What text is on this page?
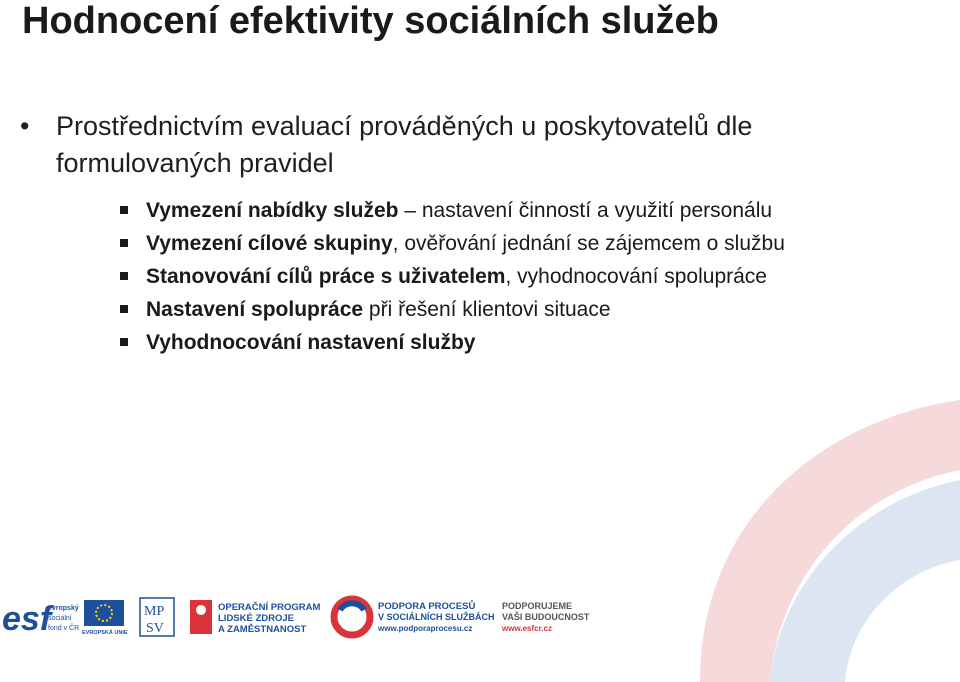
Hodnocení efektivity sociálních služeb
• Prostřednictvím evaluací prováděných u poskytovatelů dle formulovaných pravidel
Vymezení nabídky služeb – nastavení činností a využití personálu
Vymezení cílové skupiny, ověřování jednání se zájemcem o službu
Stanovování cílů práce s uživatelem, vyhodnocování spolupráce
Nastavení spolupráce při řešení klientovi situace
Vyhodnocování nastavení služby
esf
evropský
sociální
fond v ČR
EVROPSKÁ UNIE
MP
SV
OPERAČNÍ PROGRAM
LIDSKÉ ZDROJE
A ZAMĚSTNANOST
PODPORA PROCESŮ
V SOCIÁLNÍCH SLUŽBÁCH
www.podporaprocesu.cz
PODPORUJEME
VAŠI BUDOUCNOST
www.esfcr.cz
